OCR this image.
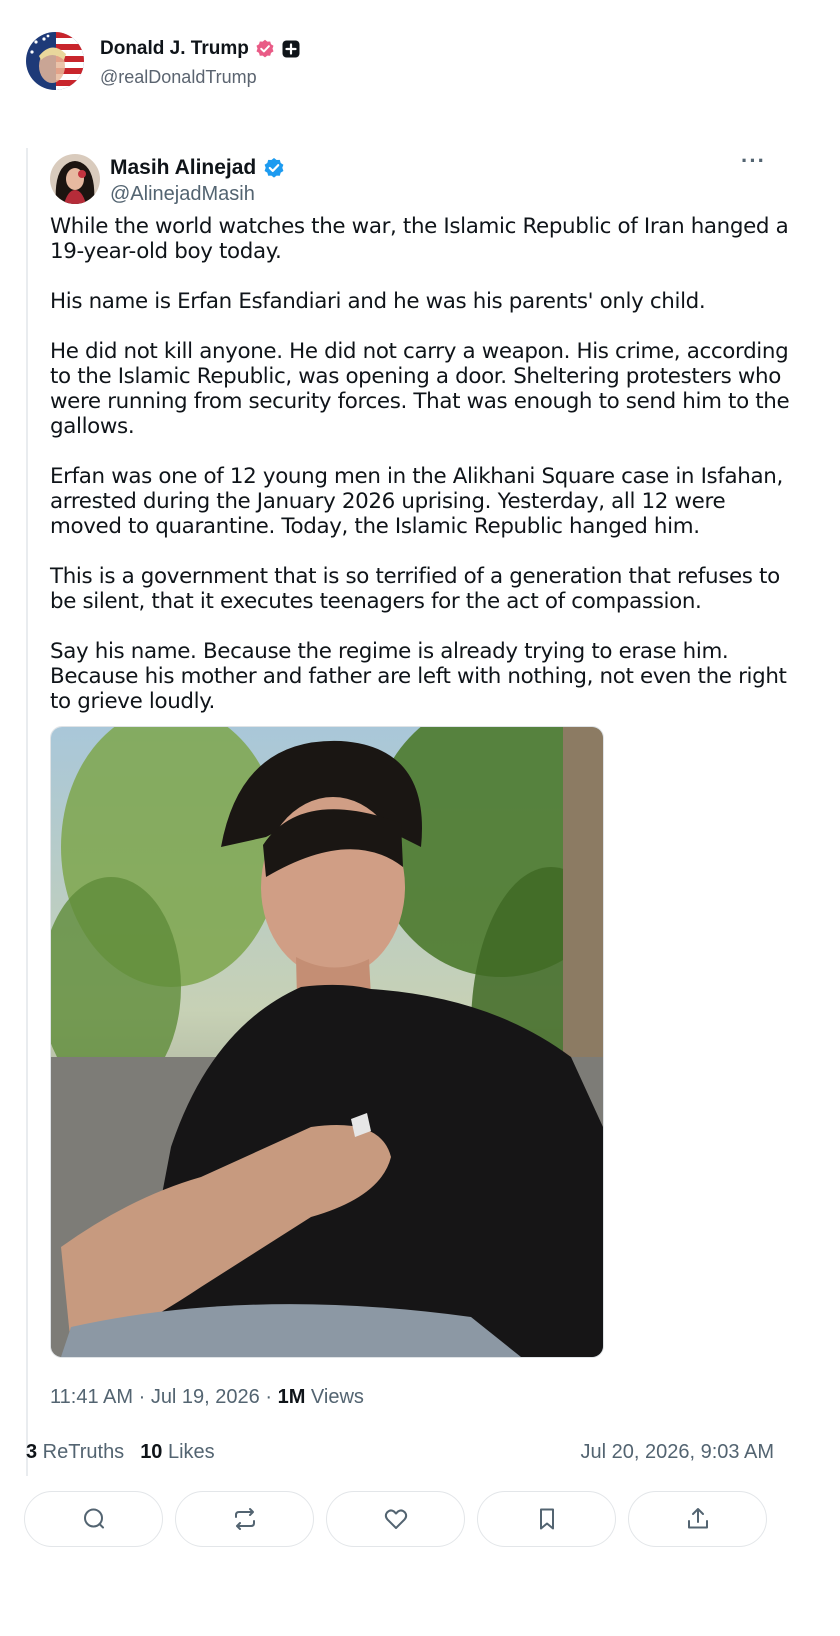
Donald J. Trump
@realDonaldTrump
Masih Alinejad
@AlinejadMasih
···

While the world watches the war, the Islamic Republic of Iran hanged a 19-year-old boy today.

His name is Erfan Esfandiari and he was his parents' only child.

He did not kill anyone. He did not carry a weapon. His crime, according to the Islamic Republic, was opening a door. Sheltering protesters who were running from security forces. That was enough to send him to the gallows.

Erfan was one of 12 young men in the Alikhani Square case in Isfahan, arrested during the January 2026 uprising. Yesterday, all 12 were moved to quarantine. Today, the Islamic Republic hanged him.

This is a government that is so terrified of a generation that refuses to be silent, that it executes teenagers for the act of compassion.

Say his name. Because the regime is already trying to erase him. Because his mother and father are left with nothing, not even the right to grieve loudly.

11:41 AM · Jul 19, 2026 · 1M Views
3 ReTruths 10 Likes	Jul 20, 2026, 9:03 AM
